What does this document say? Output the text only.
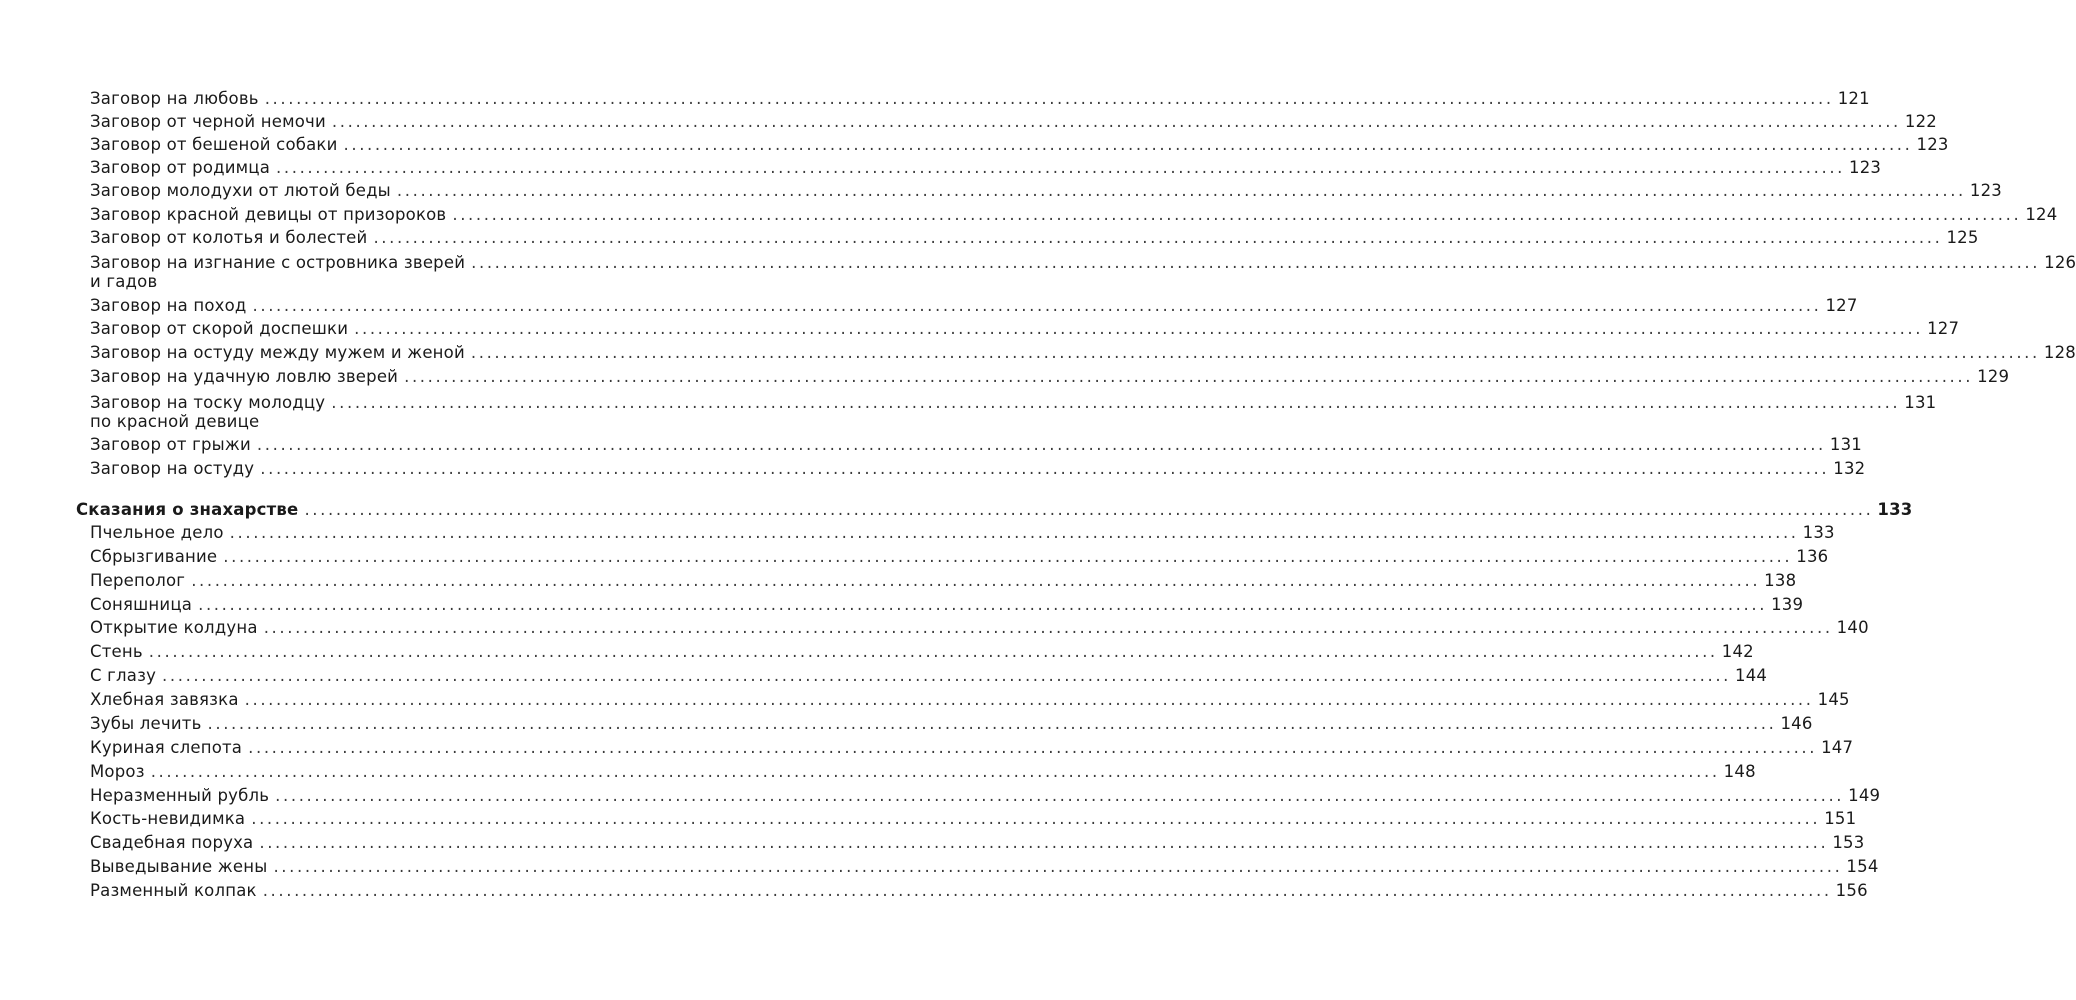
Заговор на любовь ........................................................................................................................................................................................................ 121
Заговор от черной немочи ........................................................................................................................................................................................................ 122
Заговор от бешеной собаки ........................................................................................................................................................................................................ 123
Заговор от родимца ........................................................................................................................................................................................................ 123
Заговор молодухи от лютой беды ........................................................................................................................................................................................................ 123
Заговор красной девицы от призороков ........................................................................................................................................................................................................ 124
Заговор от колотья и болестей ........................................................................................................................................................................................................ 125
Заговор на изгнание с островника зверей
и гадов
........................................................................................................................................................................................................ 126
Заговор на поход ........................................................................................................................................................................................................ 127
Заговор от скорой доспешки ........................................................................................................................................................................................................ 127
Заговор на остуду между мужем и женой ........................................................................................................................................................................................................ 128
Заговор на удачную ловлю зверей ........................................................................................................................................................................................................ 129
Заговор на тоску молодцу
по красной девице
........................................................................................................................................................................................................ 131
Заговор от грыжи ........................................................................................................................................................................................................ 131
Заговор на остуду ........................................................................................................................................................................................................ 132
Сказания о знахарстве ........................................................................................................................................................................................................ 133
Пчельное дело ........................................................................................................................................................................................................ 133
Сбрызгивание ........................................................................................................................................................................................................ 136
Переполог ........................................................................................................................................................................................................ 138
Соняшница ........................................................................................................................................................................................................ 139
Открытие колдуна ........................................................................................................................................................................................................ 140
Стень ........................................................................................................................................................................................................ 142
С глазу ........................................................................................................................................................................................................ 144
Хлебная завязка ........................................................................................................................................................................................................ 145
Зубы лечить ........................................................................................................................................................................................................ 146
Куриная слепота ........................................................................................................................................................................................................ 147
Мороз ........................................................................................................................................................................................................ 148
Неразменный рубль ........................................................................................................................................................................................................ 149
Кость-невидимка ........................................................................................................................................................................................................ 151
Свадебная поруха ........................................................................................................................................................................................................ 153
Выведывание жены ........................................................................................................................................................................................................ 154
Разменный колпак ........................................................................................................................................................................................................ 156
